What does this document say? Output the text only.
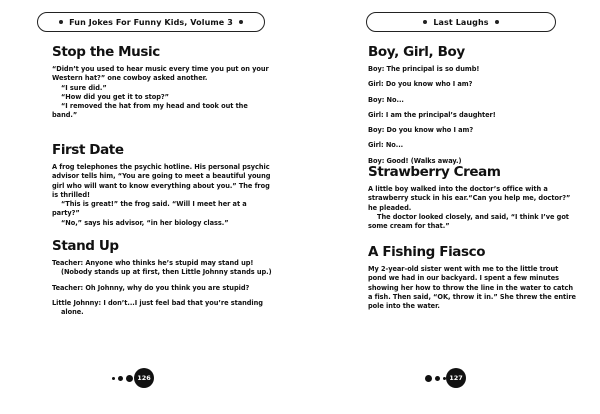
Fun Jokes For Funny Kids, Volume 3
Stop the Music

“Didn’t you used to hear music every time you put on your Western hat?” one cowboy asked another.

“I sure did.”

“How did you get it to stop?”

“I removed the hat from my head and took out the band.”

First Date

A frog telephones the psychic hotline. His personal psychic advisor tells him, “You are going to meet a beautiful young girl who will want to know everything about you.” The frog is thrilled!

“This is great!” the frog said. “Will I meet her at a party?”

“No,” says his advisor, “in her biology class.”

Stand Up

Teacher: Anyone who thinks he’s stupid may stand up! (Nobody stands up at first, then Little Johnny stands up.)

Teacher: Oh Johnny, why do you think you are stupid?

Little Johnny: I don’t...I just feel bad that you’re standing alone.

126
Last Laughs
Boy, Girl, Boy

Boy: The principal is so dumb!

Girl: Do you know who I am?

Boy: No...

Girl: I am the principal’s daughter!

Boy: Do you know who I am?

Girl: No...

Boy: Good! (Walks away.)

Strawberry Cream

A little boy walked into the doctor’s office with a strawberry stuck in his ear.“Can you help me, doctor?” he pleaded.

The doctor looked closely, and said, “I think I’ve got some cream for that.”

A Fishing Fiasco

My 2-year-old sister went with me to the little trout pond we had in our backyard. I spent a few minutes showing her how to throw the line in the water to catch a fish. Then said, “OK, throw it in.” She threw the entire pole into the water.

127
